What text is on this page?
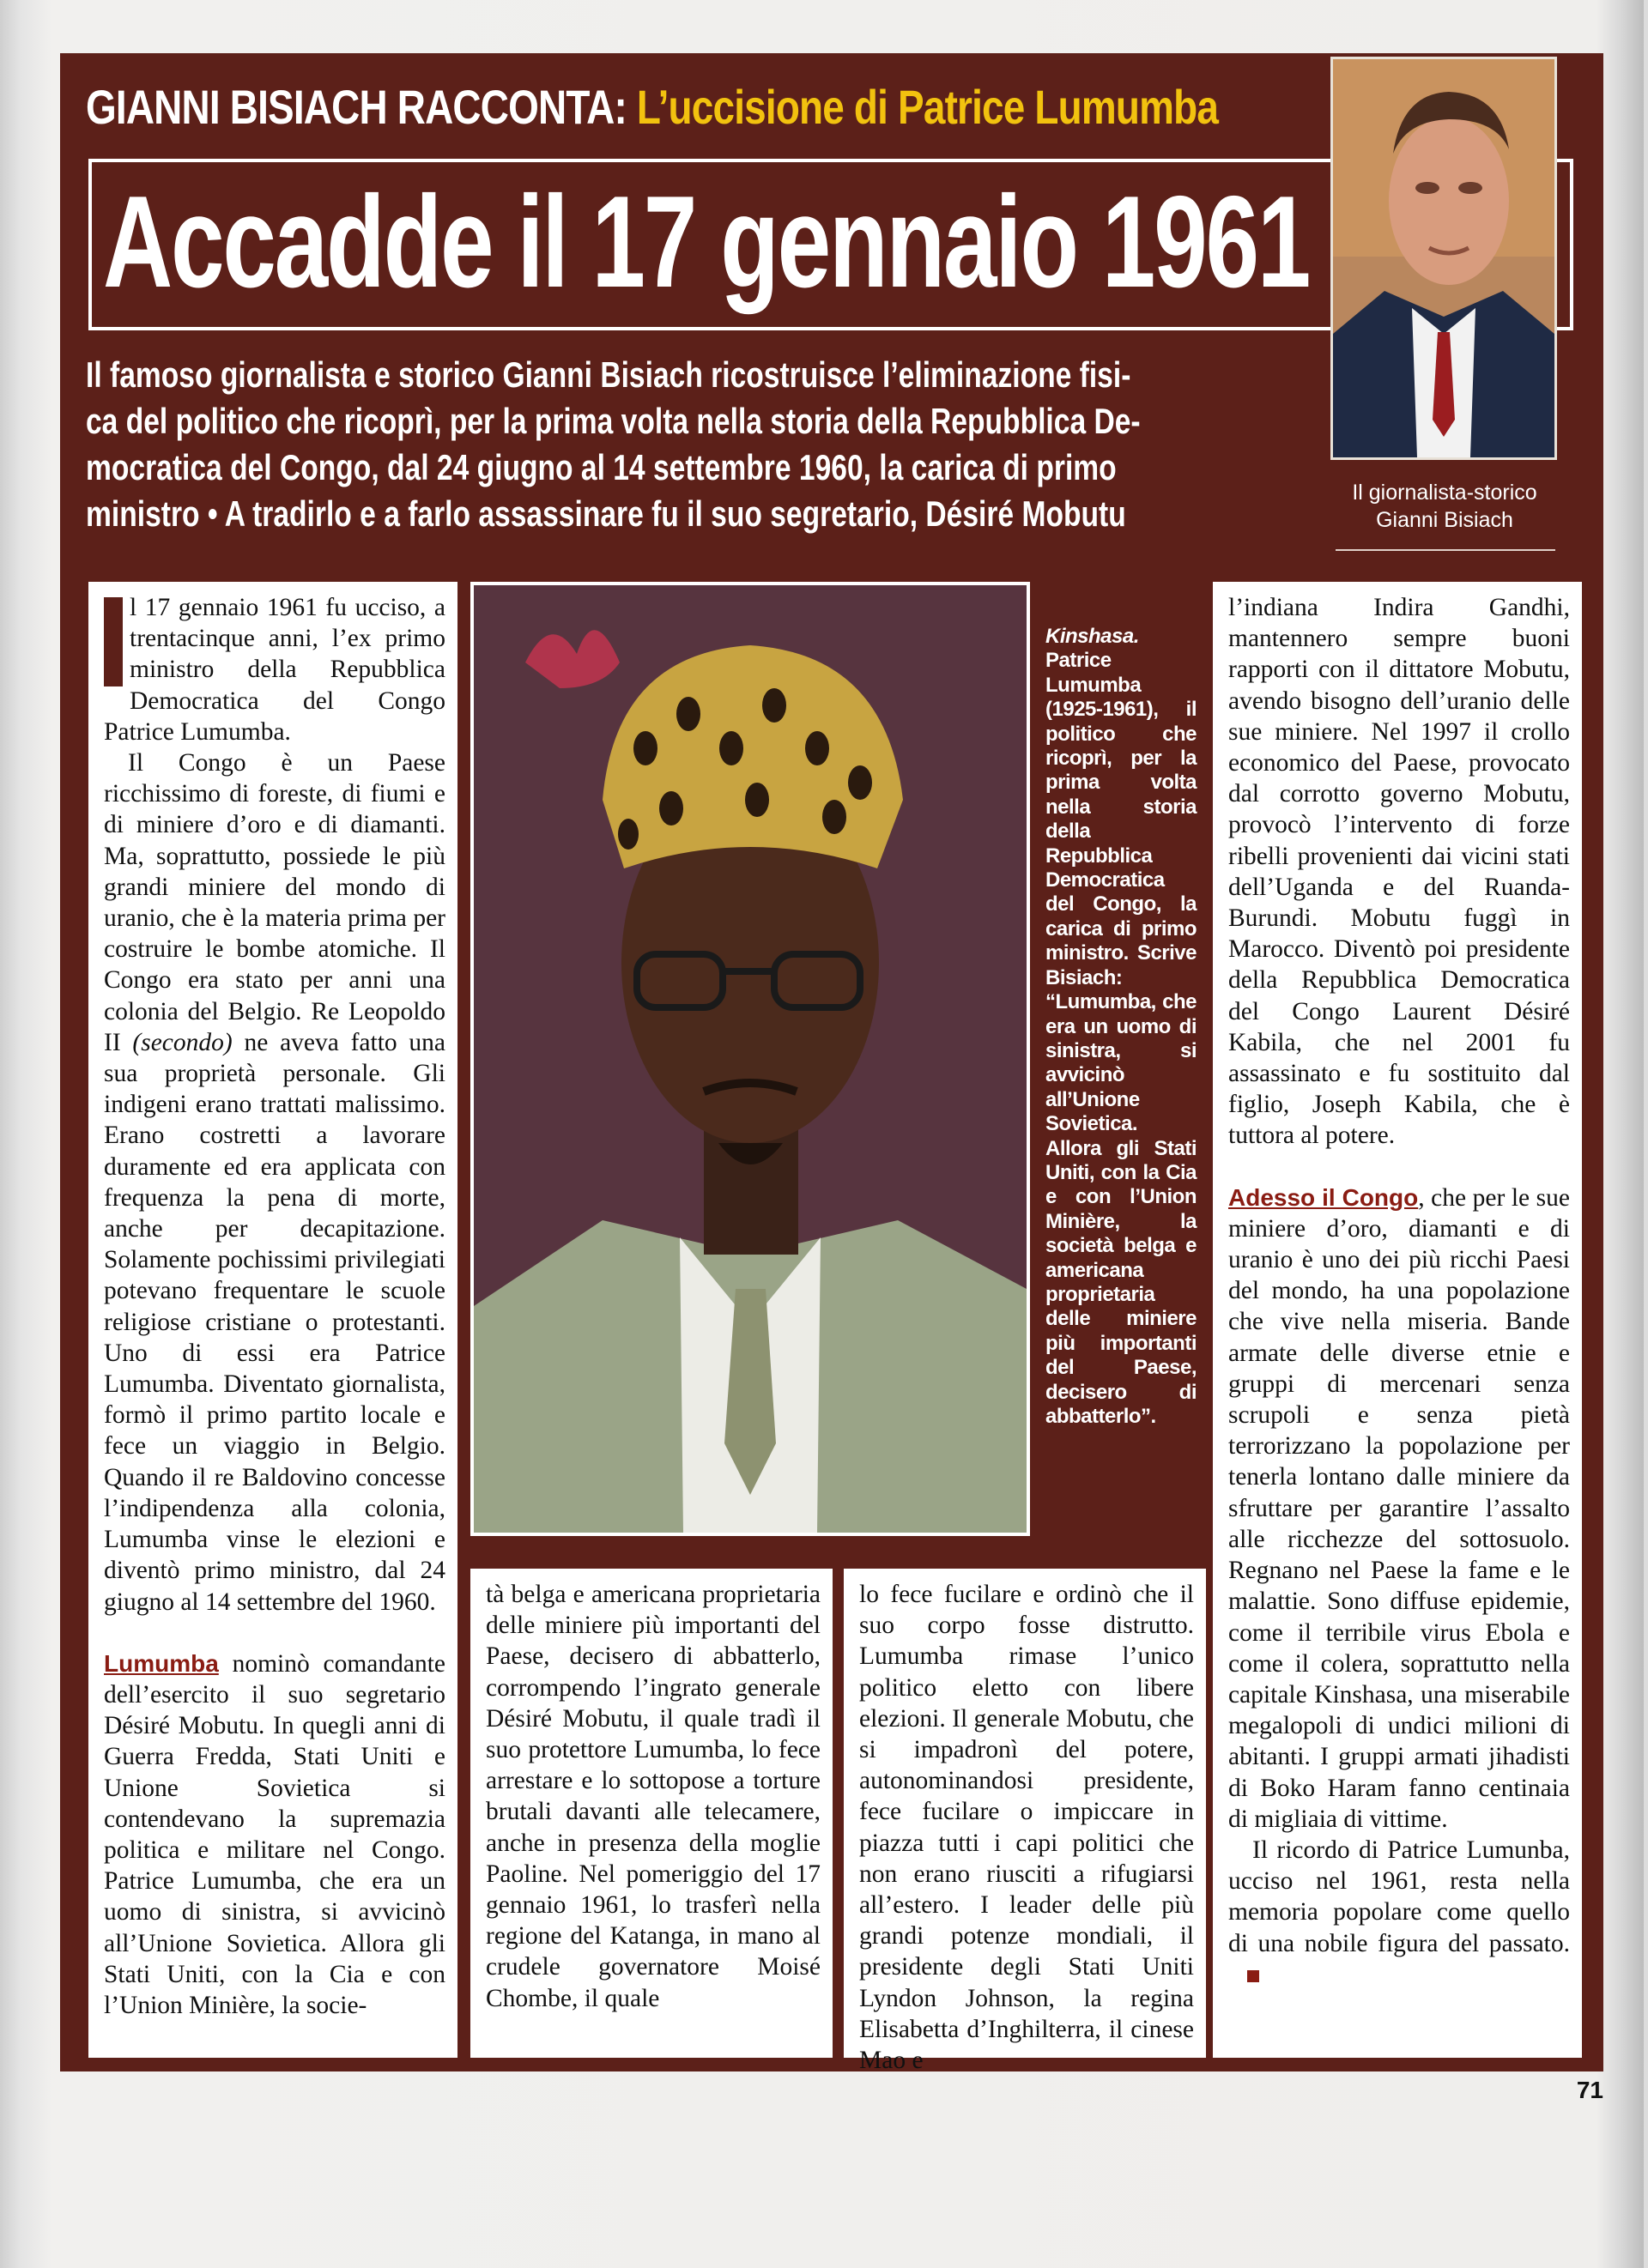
GIANNI BISIACH RACCONTA: L’uccisione di Patrice Lumumba
Accadde il 17 gennaio 1961
Il famoso giornalista e storico Gianni Bisiach ricostruisce l’eliminazione fisi-
ca del politico che ricoprì, per la prima volta nella storia della Repubblica De-
mocratica del Congo, dal 24 giugno al 14 settembre 1960, la carica di primo
ministro • A tradirlo e a farlo assassinare fu il suo segretario, Désiré Mobutu
Il giornalista-storico
Gianni Bisiach

l 17 gennaio 1961 fu ucciso, a trentacinque anni, l’ex primo ministro della Repubblica Democratica del Congo Patrice Lumumba.

Il Congo è un Paese ricchissimo di foreste, di fiumi e di miniere d’oro e di diamanti. Ma, soprattutto, possiede le più grandi miniere del mondo di uranio, che è la materia prima per costruire le bombe atomiche. Il Congo era stato per anni una colonia del Belgio. Re Leopoldo II (secondo) ne aveva fatto una sua proprietà personale. Gli indigeni erano trattati malissimo. Erano costretti a lavorare duramente ed era applicata con frequenza la pena di morte, anche per decapitazione. Solamente pochissimi privilegiati potevano frequentare le scuole religiose cristiane o protestanti. Uno di essi era Patrice Lumumba. Diventato giornalista, formò il primo partito locale e fece un viaggio in Belgio. Quando il re Baldovino concesse l’indipendenza alla colonia, Lumumba vinse le elezioni e diventò primo ministro, dal 24 giugno al 14 settembre del 1960.

Lumumba nominò comandante dell’esercito il suo segretario Désiré Mobutu. In quegli anni di Guerra Fredda, Stati Uniti e Unione Sovietica si contendevano la supremazia politica e militare nel Congo. Patrice Lumumba, che era un uomo di sinistra, si avvicinò all’Unione Sovietica. Allora gli Stati Uniti, con la Cia e con l’Union Minière, la socie-

Kinshasa. Patrice Lumumba (1925-1961), il politico che ricoprì, per la prima volta nella storia della Repubblica Democratica del Congo, la carica di primo ministro. Scrive Bisiach: “Lumumba, che era un uomo di sinistra, si avvicinò all’Unione Sovietica. Allora gli Stati Uniti, con la Cia e con l’Union Minière, la società belga e americana proprietaria delle miniere più importanti del Paese, decisero di abbatterlo”.

tà belga e americana proprietaria delle miniere più importanti del Paese, decisero di abbatterlo, corrompendo l’ingrato generale Désiré Mobutu, il quale tradì il suo protettore Lumumba, lo fece arrestare e lo sottopose a torture brutali davanti alle telecamere, anche in presenza della moglie Paoline. Nel pomeriggio del 17 gennaio 1961, lo trasferì nella regione del Katanga, in mano al crudele governatore Moisé Chombe, il quale

lo fece fucilare e ordinò che il suo corpo fosse distrutto. Lumumba rimase l’unico politico eletto con libere elezioni. Il generale Mobutu, che si impadronì del potere, autonominandosi presidente, fece fucilare o impiccare in piazza tutti i capi politici che non erano riusciti a rifugiarsi all’estero. I leader delle più grandi potenze mondiali, il presidente degli Stati Uniti Lyndon Johnson, la regina Elisabetta d’Inghilterra, il cinese Mao e

l’indiana Indira Gandhi, mantennero sempre buoni rapporti con il dittatore Mobutu, avendo bisogno dell’uranio delle sue miniere. Nel 1997 il crollo economico del Paese, provocato dal corrotto governo Mobutu, provocò l’intervento di forze ribelli provenienti dai vicini stati dell’Uganda e del Ruanda-Burundi. Mobutu fuggì in Marocco. Diventò poi presidente della Repubblica Democratica del Congo Laurent Désiré Kabila, che nel 2001 fu assassinato e fu sostituito dal figlio, Joseph Kabila, che è tuttora al potere.

Adesso il Congo, che per le sue miniere d’oro, diamanti e di uranio è uno dei più ricchi Paesi del mondo, ha una popolazione che vive nella miseria. Bande armate delle diverse etnie e gruppi di mercenari senza scrupoli e senza pietà terrorizzano la popolazione per tenerla lontano dalle miniere da sfruttare per garantire l’assalto alle ricchezze del sottosuolo. Regnano nel Paese la fame e le malattie. Sono diffuse epidemie, come il terribile virus Ebola e come il colera, soprattutto nella capitale Kinshasa, una miserabile megalopoli di undici milioni di abitanti. I gruppi armati jihadisti di Boko Haram fanno centinaia di migliaia di vittime.

Il ricordo di Patrice Lumunba, ucciso nel 1961, resta nella memoria popolare come quello di una nobile figura del passato.

71
